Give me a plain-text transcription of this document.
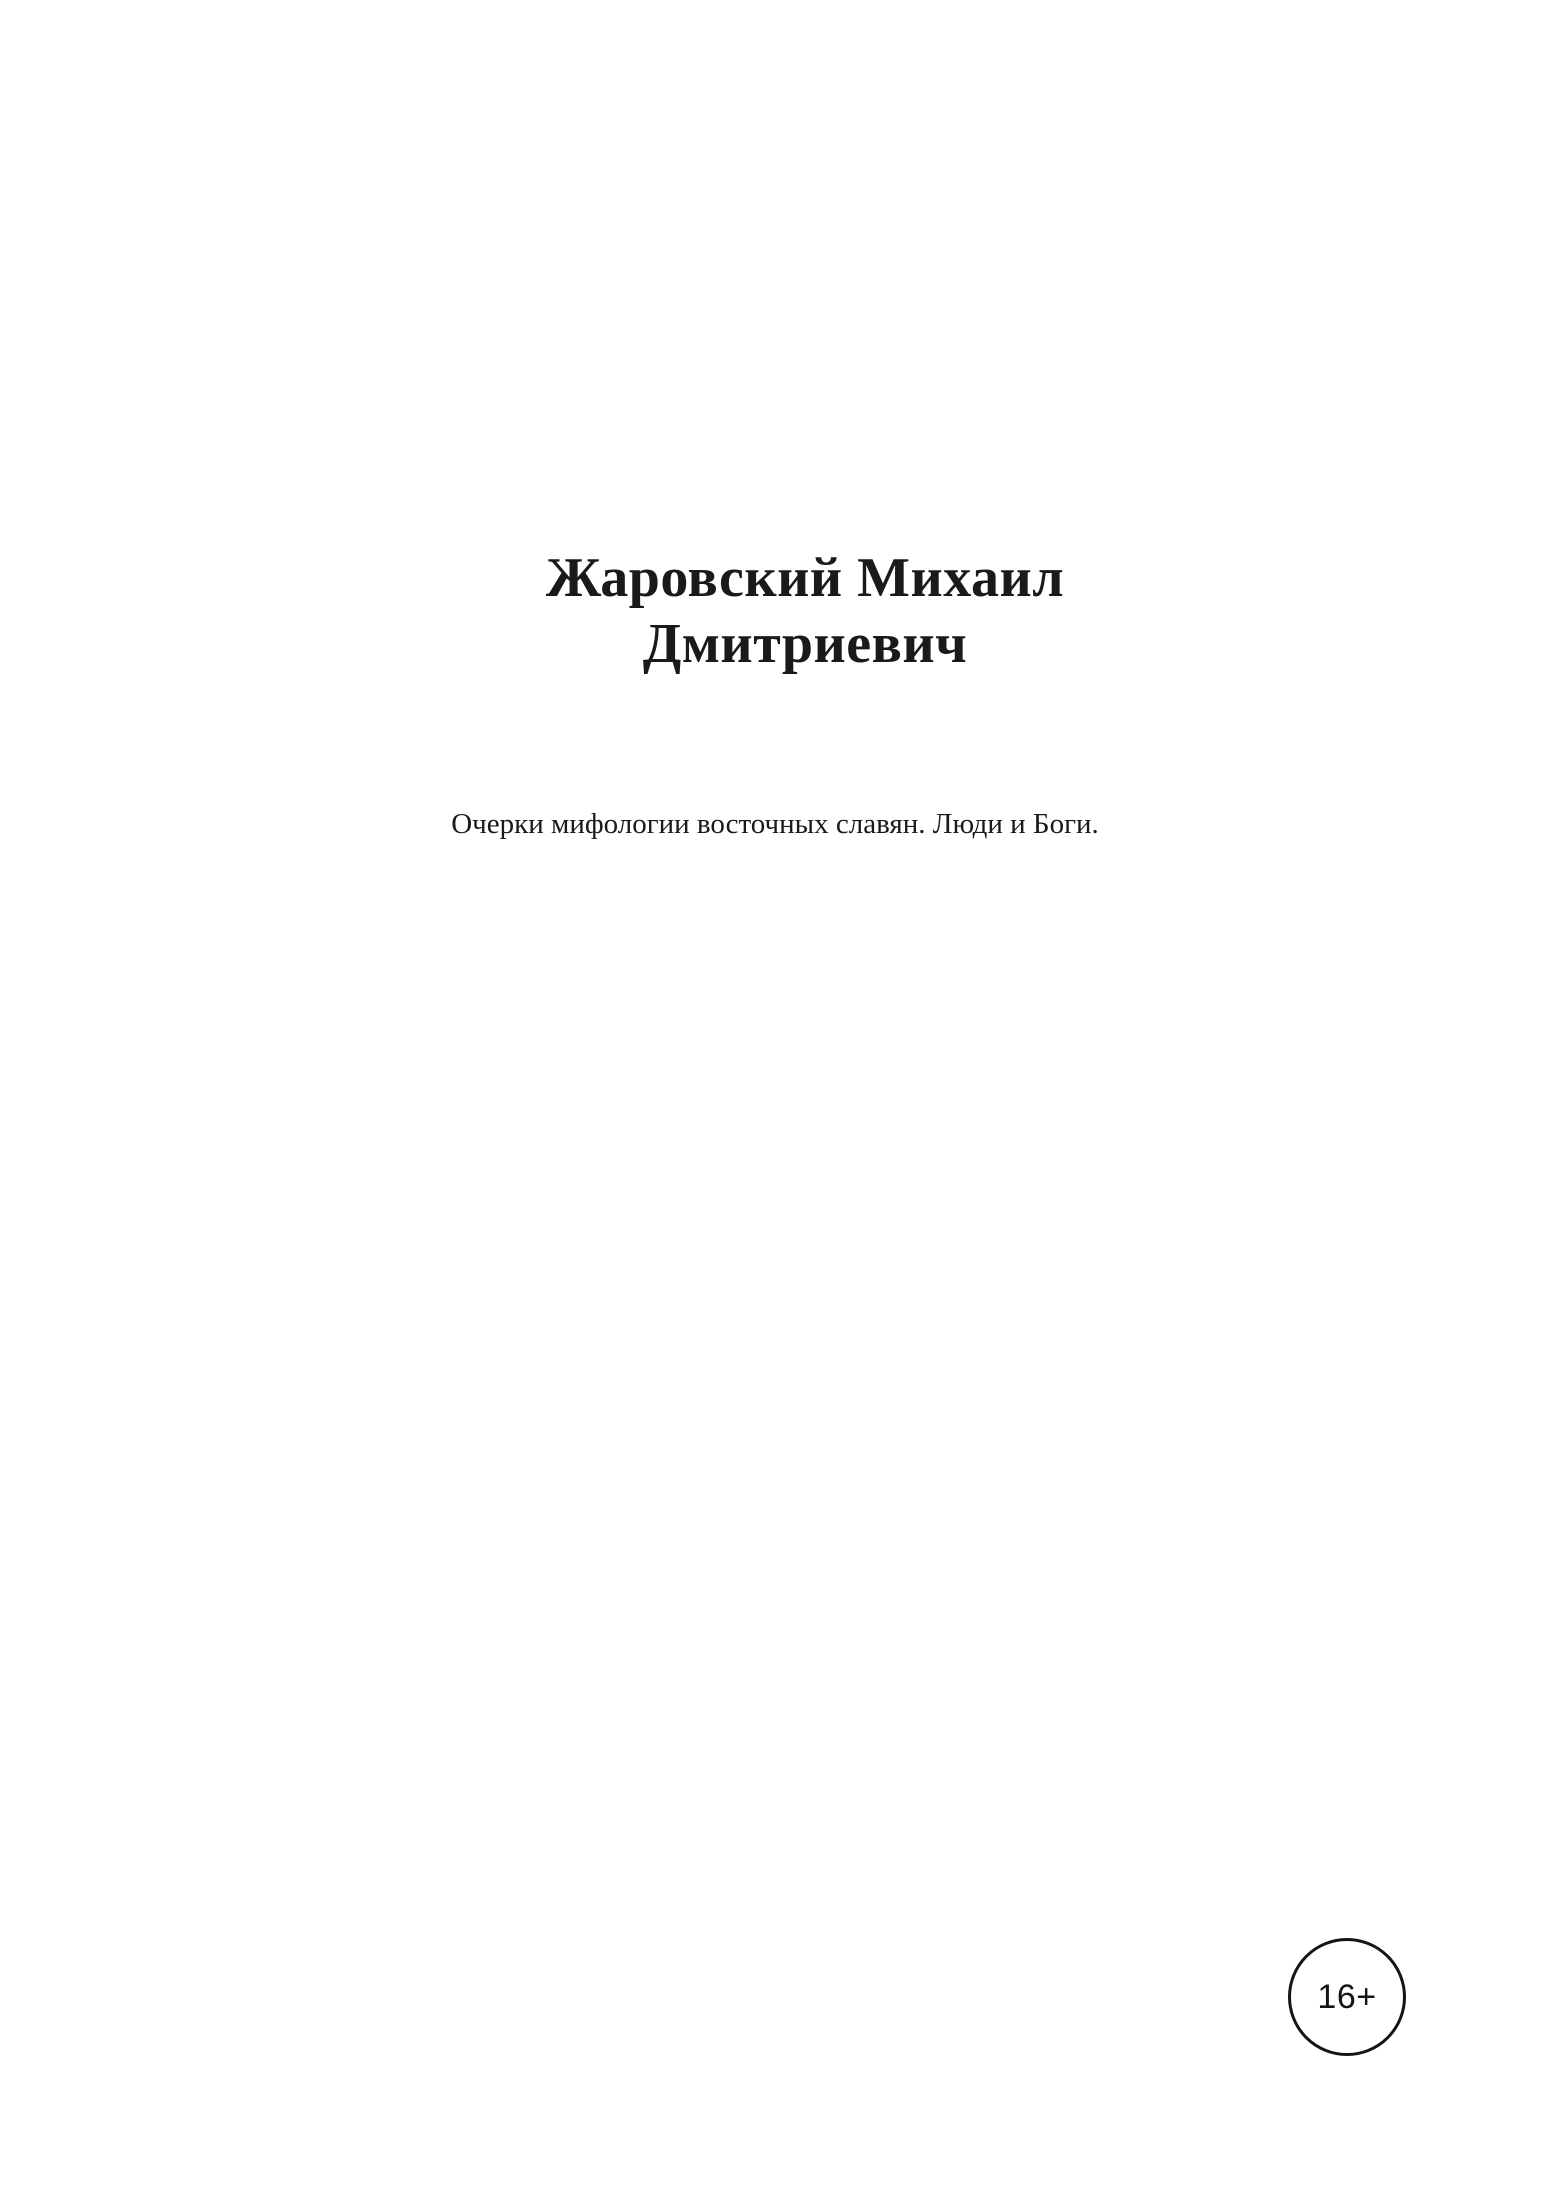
Жаровский Михаил Дмитриевич

Очерки мифологии восточных славян. Люди и Боги.

16+
